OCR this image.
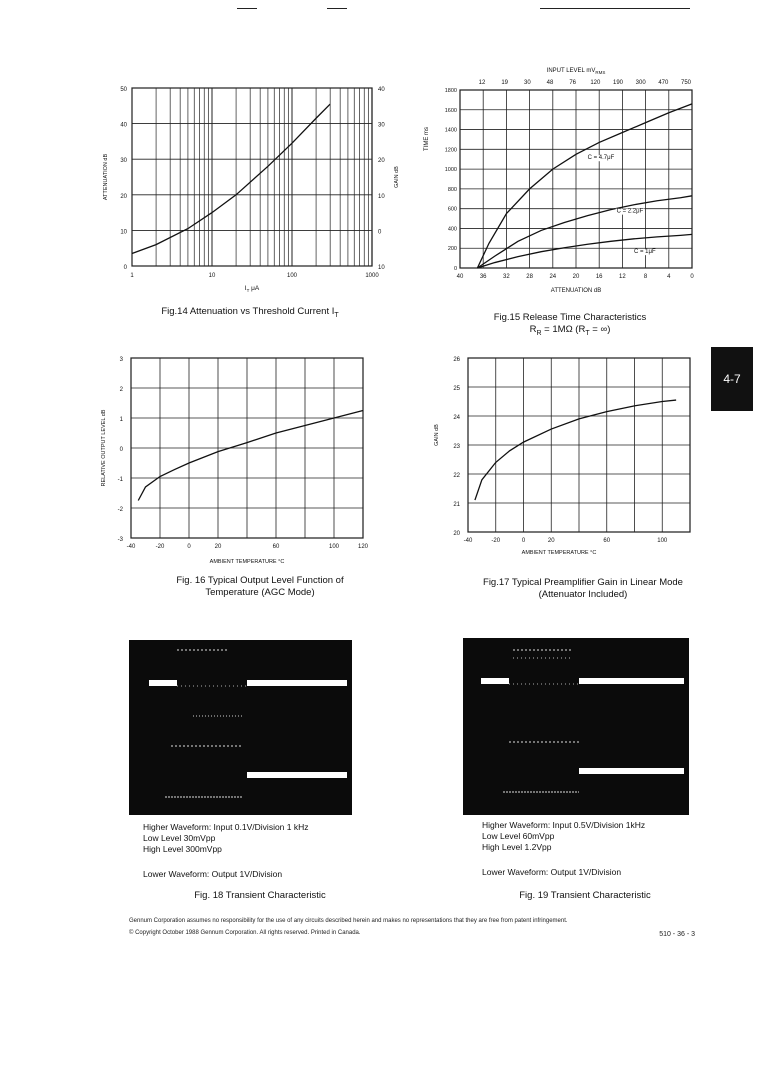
4-7
0	10
10	0
20	10
30	20
40	30
50	40
1	10	100	1000
$I_T$ μA
ATTENUATION dB	GAIN dB
Fig.14 Attenuation vs Threshold Current $I_T$
INPUT LEVEL $mV_{RMS}$
12	19	30	48	76 120 190 300 470 750
40	36	32	28	24	20	16	12	8	4	0
0
200
400
600
800
1000
1200
1400
1600
1800
ATTENUATION dB
TIME ms
C = 4.7μF
C = 2.2μF
C = 1μF
Fig.15 Release Time Characteristics
$R_R = 1M\Omega$ ($R_T$ = ∞)
-3
-2
-1
0
1
2
3
-40	-20	0	20	60	100	120
AMBIENT TEMPERATURE °C
RELATIVE OUTPUT LEVEL dB
Fig. 16 Typical Output Level Function of
Temperature (AGC Mode)
20
21
22
23
24
25
26
-40	-20	0	20	60	100
AMBIENT TEMPERATURE °C
GAIN dB
Fig.17 Typical Preamplifier Gain in Linear Mode
(Attenuator Included)
Higher Waveform: Input 0.1V/Division 1 kHz
Low Level 30mVpp
High Level 300mVpp
Lower Waveform: Output 1V/Division
Fig. 18 Transient Characteristic
Higher Waveform: Input 0.5V/Division 1kHz
Low Level 60mVpp
High Level 1.2Vpp
Lower Waveform: Output 1V/Division
Fig. 19 Transient Characteristic
Gennum Corporation assumes no responsibility for the use of any circuits described herein and makes no representations that they are free from patent infringement.
© Copyright October 1988 Gennum Corporation. All rights reserved. Printed in Canada.	510 - 36 - 3
